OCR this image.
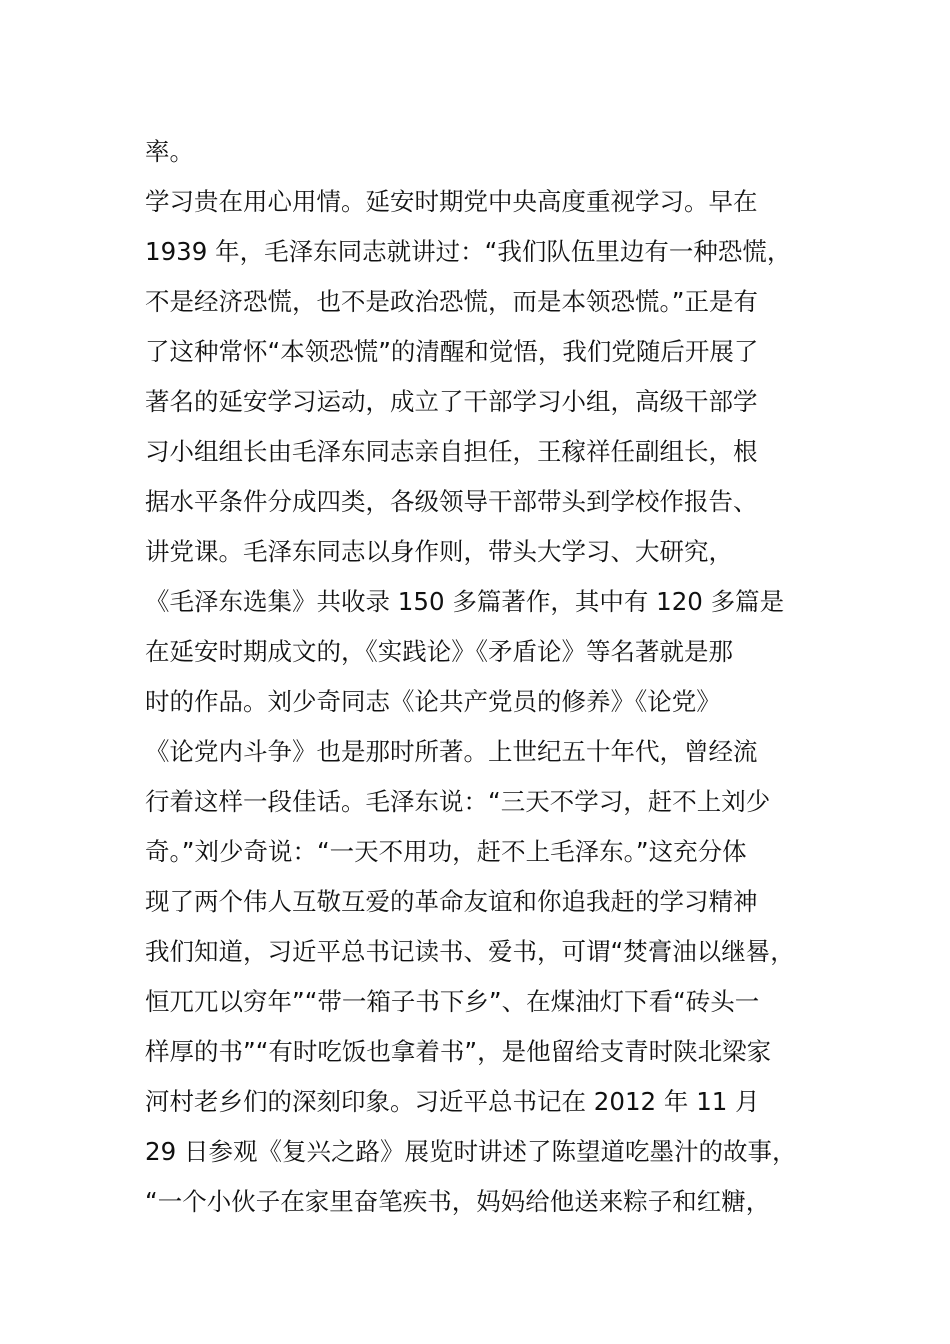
率。
学习贵在用心用情。延安时期党中央高度重视学习。早在
1939 年，毛泽东同志就讲过：“我们队伍里边有一种恐慌，
不是经济恐慌，也不是政治恐慌，而是本领恐慌。”正是有
了这种常怀“本领恐慌”的清醒和觉悟，我们党随后开展了
著名的延安学习运动，成立了干部学习小组，高级干部学
习小组组长由毛泽东同志亲自担任，王稼祥任副组长，根
据水平条件分成四类，各级领导干部带头到学校作报告、
讲党课。毛泽东同志以身作则，带头大学习、大研究，
《毛泽东选集》共收录 150 多篇著作，其中有 120 多篇是
在延安时期成文的，《实践论》《矛盾论》等名著就是那
时的作品。刘少奇同志《论共产党员的修养》《论党》
《论党内斗争》也是那时所著。上世纪五十年代，曾经流
行着这样一段佳话。毛泽东说：“三天不学习，赶不上刘少
奇。”刘少奇说：“一天不用功，赶不上毛泽东。”这充分体
现了两个伟人互敬互爱的革命友谊和你追我赶的学习精神
我们知道，习近平总书记读书、爱书，可谓“焚膏油以继晷，
恒兀兀以穷年”“带一箱子书下乡”、在煤油灯下看“砖头一
样厚的书”“有时吃饭也拿着书”，是他留给支青时陕北梁家
河村老乡们的深刻印象。习近平总书记在 2012 年 11 月
29 日参观《复兴之路》展览时讲述了陈望道吃墨汁的故事，
“一个小伙子在家里奋笔疾书，妈妈给他送来粽子和红糖，
